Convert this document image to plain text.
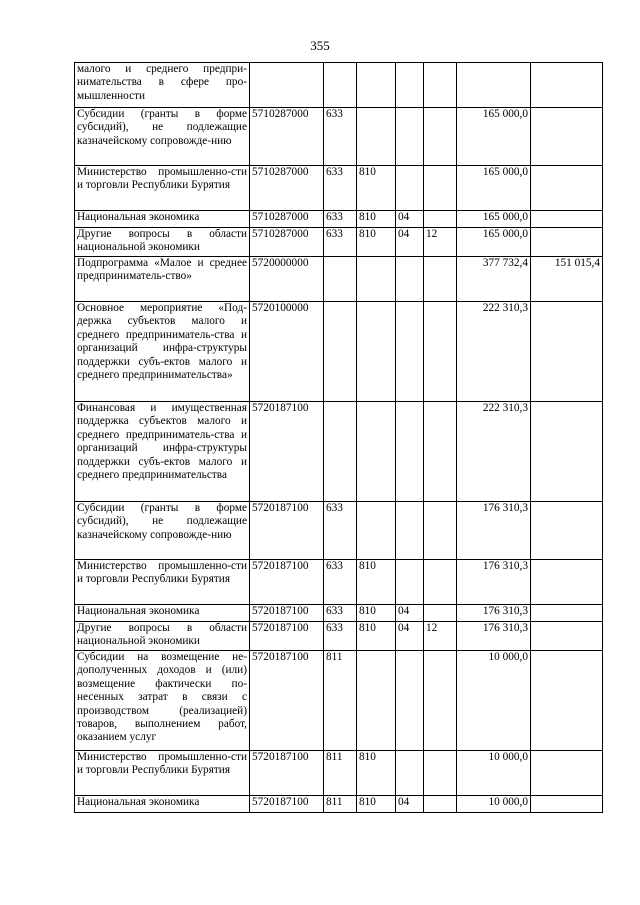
355
малого и среднего предпри-нимательства в сфере про-мышленности							
Субсидии (гранты в форме субсидий), не подлежащие казначейскому сопровожде-нию	5710287000	633				165 000,0	
Министерство промышленно-сти и торговли Республики Бурятия	5710287000	633	810			165 000,0	
Национальная экономика	5710287000	633	810	04		165 000,0	
Другие вопросы в области национальной экономики	5710287000	633	810	04	12	165 000,0	
Подпрограмма «Малое и среднее предприниматель-ство»	5720000000					377 732,4	151 015,4
Основное мероприятие «Под-держка субъектов малого и среднего предприниматель-ства и организаций инфра-структуры поддержки субъ-ектов малого и среднего предпринимательства»	5720100000					222 310,3	
Финансовая и имущественная поддержка субъектов малого и среднего предприниматель-ства и организаций инфра-структуры поддержки субъ-ектов малого и среднего предпринимательства	5720187100					222 310,3	
Субсидии (гранты в форме субсидий), не подлежащие казначейскому сопровожде-нию	5720187100	633				176 310,3	
Министерство промышленно-сти и торговли Республики Бурятия	5720187100	633	810			176 310,3	
Национальная экономика	5720187100	633	810	04		176 310,3	
Другие вопросы в области национальной экономики	5720187100	633	810	04	12	176 310,3	
Субсидии на возмещение не-дополученных доходов и (или) возмещение фактически по-несенных затрат в связи с производством (реализацией) товаров, выполнением работ, оказанием услуг	5720187100	811				10 000,0	
Министерство промышленно-сти и торговли Республики Бурятия	5720187100	811	810			10 000,0	
Национальная экономика	5720187100	811	810	04		10 000,0	
